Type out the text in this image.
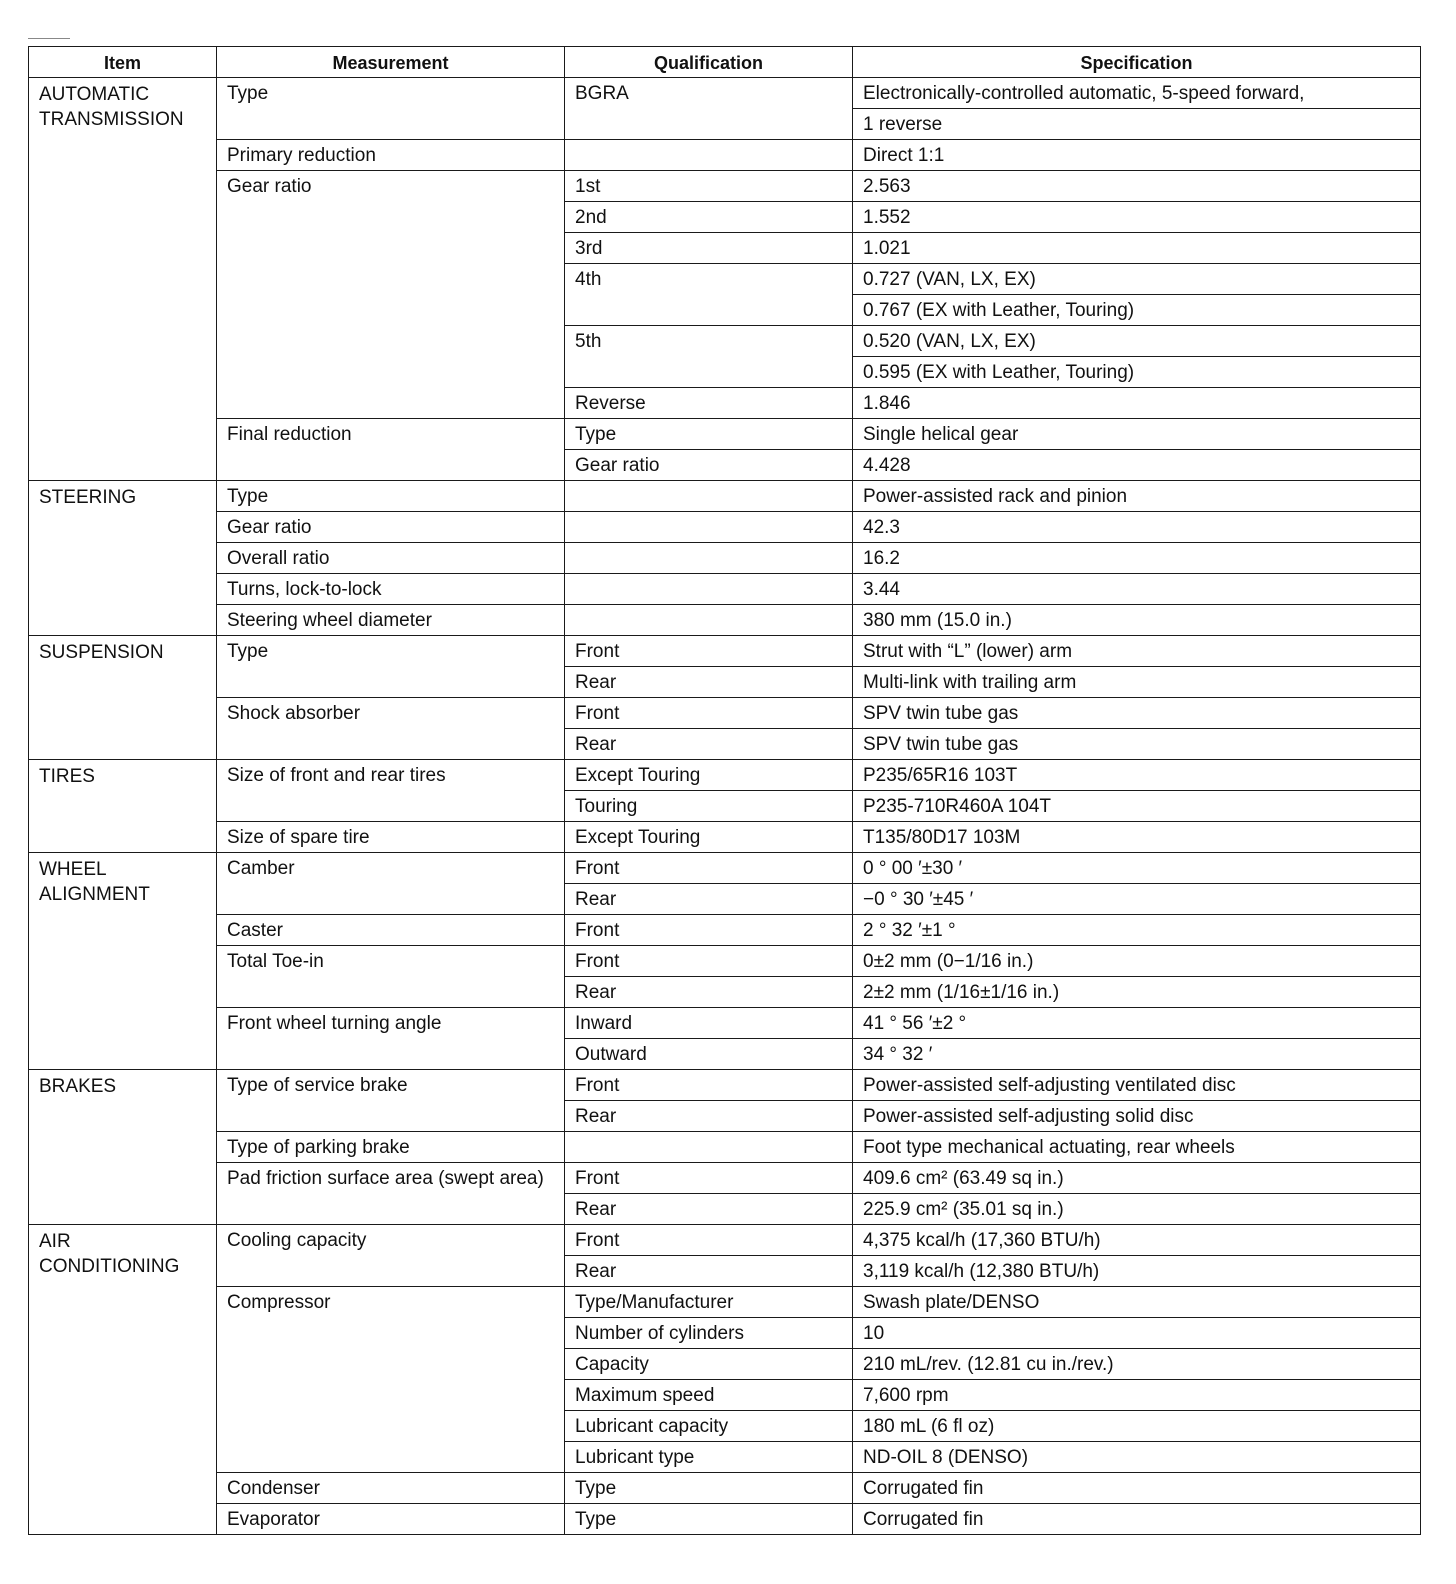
Item	Measurement	Qualification	Specification
AUTOMATIC TRANSMISSION	Type	BGRA	Electronically-controlled automatic, 5-speed forward,
			1 reverse
	Primary reduction		Direct 1:1
	Gear ratio	1st	2.563
		2nd	1.552
		3rd	1.021
		4th	0.727 (VAN, LX, EX)
			0.767 (EX with Leather, Touring)
		5th	0.520 (VAN, LX, EX)
			0.595 (EX with Leather, Touring)
		Reverse	1.846
	Final reduction	Type	Single helical gear
		Gear ratio	4.428
STEERING	Type		Power-assisted rack and pinion
	Gear ratio		42.3
	Overall ratio		16.2
	Turns, lock-to-lock		3.44
	Steering wheel diameter		380 mm (15.0 in.)
SUSPENSION	Type	Front	Strut with “L” (lower) arm
		Rear	Multi-link with trailing arm
	Shock absorber	Front	SPV twin tube gas
		Rear	SPV twin tube gas
TIRES	Size of front and rear tires	Except Touring	P235/65R16 103T
		Touring	P235-710R460A 104T
	Size of spare tire	Except Touring	T135/80D17 103M
WHEEL ALIGNMENT	Camber	Front	0 ° 00 ′±30 ′
		Rear	−0 ° 30 ′±45 ′
	Caster	Front	2 ° 32 ′±1 °
	Total Toe-in	Front	0±2 mm (0−1/16 in.)
		Rear	2±2 mm (1/16±1/16 in.)
	Front wheel turning angle	Inward	41 ° 56 ′±2 °
		Outward	34 ° 32 ′
BRAKES	Type of service brake	Front	Power-assisted self-adjusting ventilated disc
		Rear	Power-assisted self-adjusting solid disc
	Type of parking brake		Foot type mechanical actuating, rear wheels
	Pad friction surface area (swept area)	Front	409.6 cm² (63.49 sq in.)
		Rear	225.9 cm² (35.01 sq in.)
AIR CONDITIONING	Cooling capacity	Front	4,375 kcal/h (17,360 BTU/h)
		Rear	3,119 kcal/h (12,380 BTU/h)
	Compressor	Type/Manufacturer	Swash plate/DENSO
		Number of cylinders	10
		Capacity	210 mL/rev. (12.81 cu in./rev.)
		Maximum speed	7,600 rpm
		Lubricant capacity	180 mL (6 fl oz)
		Lubricant type	ND-OIL 8 (DENSO)
	Condenser	Type	Corrugated fin
	Evaporator	Type	Corrugated fin
